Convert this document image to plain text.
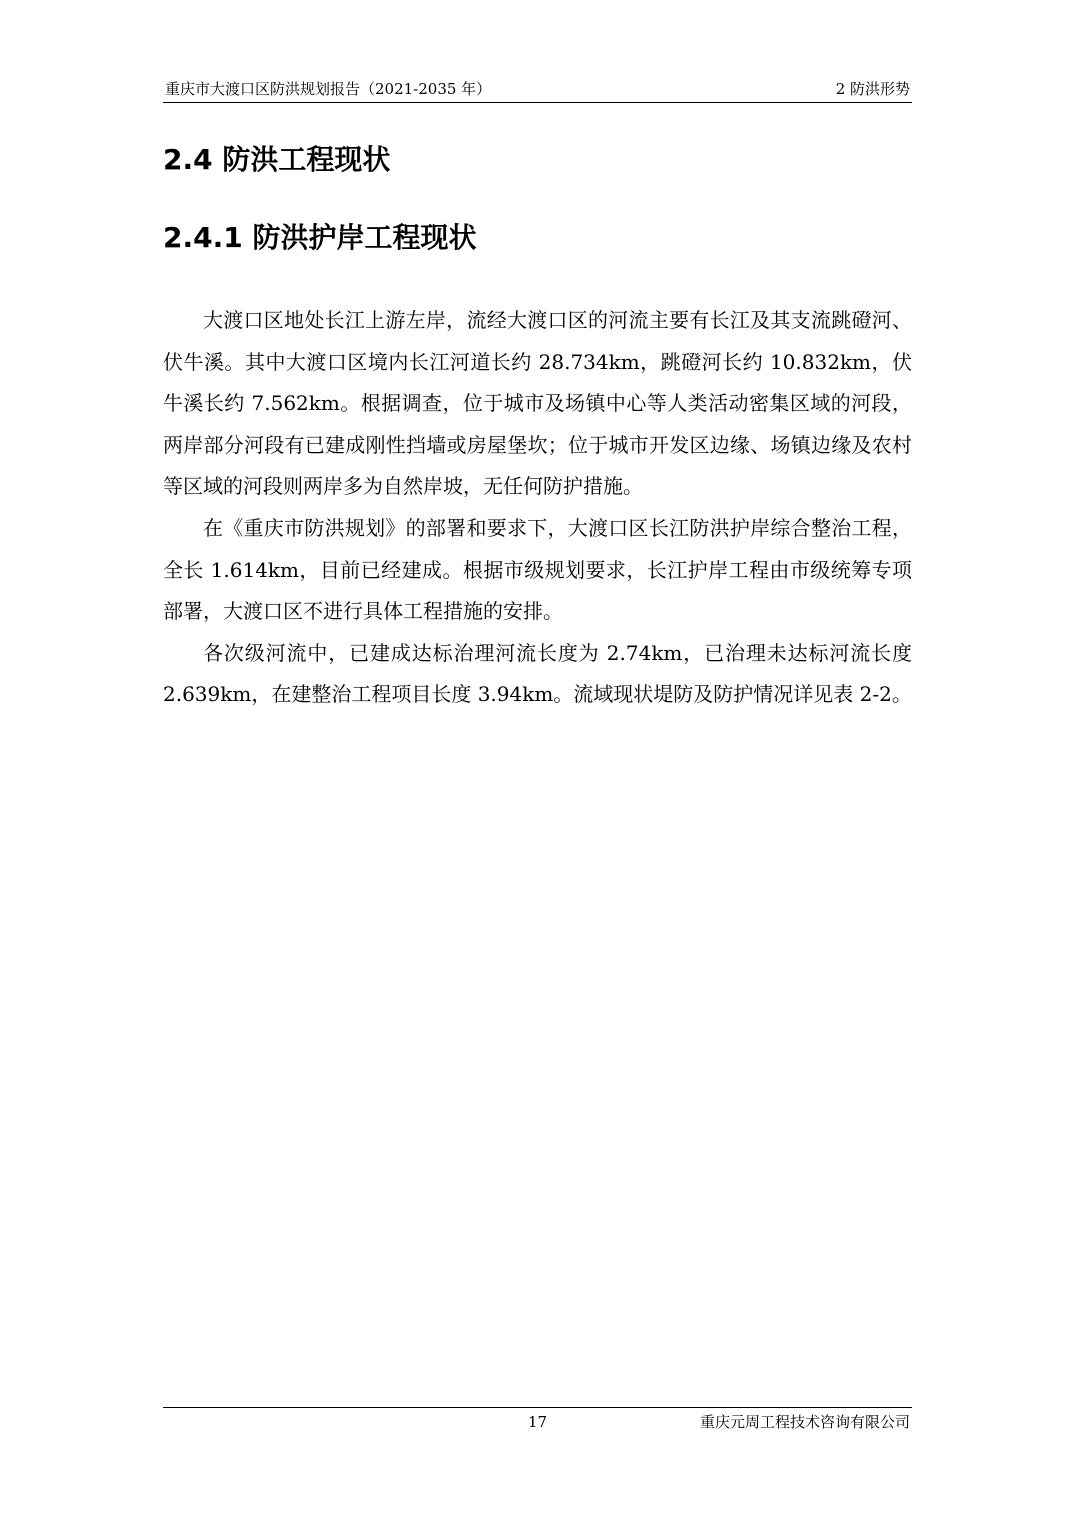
重庆市大渡口区防洪规划报告（2021-2035 年）	2 防洪形势
2.4 防洪工程现状
2.4.1 防洪护岸工程现状

大渡口区地处长江上游左岸，流经大渡口区的河流主要有长江及其支流跳磴河、伏牛溪。其中大渡口区境内长江河道长约 28.734km，跳磴河长约 10.832km，伏牛溪长约 7.562km。根据调查，位于城市及场镇中心等人类活动密集区域的河段，两岸部分河段有已建成刚性挡墙或房屋堡坎；位于城市开发区边缘、场镇边缘及农村等区域的河段则两岸多为自然岸坡，无任何防护措施。

在《重庆市防洪规划》的部署和要求下，大渡口区长江防洪护岸综合整治工程，全长 1.614km，目前已经建成。根据市级规划要求，长江护岸工程由市级统筹专项部署，大渡口区不进行具体工程措施的安排。

各次级河流中，已建成达标治理河流长度为 2.74km，已治理未达标河流长度 2.639km，在建整治工程项目长度 3.94km。流域现状堤防及防护情况详见表 2-2。

17	重庆元周工程技术咨询有限公司
